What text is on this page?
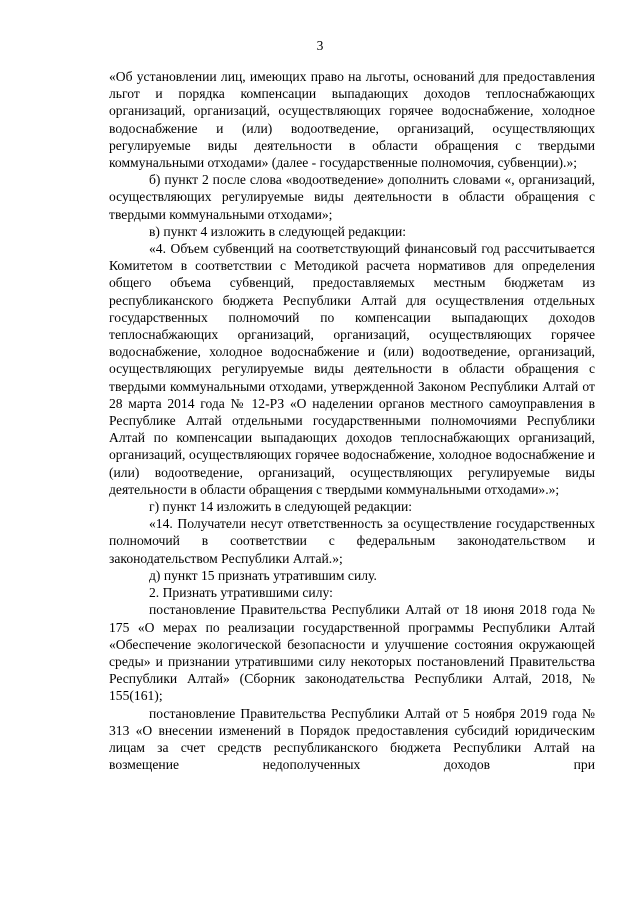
3

«Об установлении лиц, имеющих право на льготы, оснований для предоставления льгот и порядка компенсации выпадающих доходов теплоснабжающих организаций, организаций, осуществляющих горячее водоснабжение, холодное водоснабжение и (или) водоотведение, организаций, осуществляющих регулируемые виды деятельности в области обращения с твердыми коммунальными отходами» (далее - государственные полномочия, субвенции).»;

б) пункт 2 после слова «водоотведение» дополнить словами «, организаций, осуществляющих регулируемые виды деятельности в области обращения с твердыми коммунальными отходами»;

в) пункт 4 изложить в следующей редакции:

«4. Объем субвенций на соответствующий финансовый год рассчитывается Комитетом в соответствии с Методикой расчета нормативов для определения общего объема субвенций, предоставляемых местным бюджетам из республиканского бюджета Республики Алтай для осуществления отдельных государственных полномочий по компенсации выпадающих доходов теплоснабжающих организаций, организаций, осуществляющих горячее водоснабжение, холодное водоснабжение и (или) водоотведение, организаций, осуществляющих регулируемые виды деятельности в области обращения с твердыми коммунальными отходами, утвержденной Законом Республики Алтай от 28 марта 2014 года № 12-РЗ «О наделении органов местного самоуправления в Республике Алтай отдельными государственными полномочиями Республики Алтай по компенсации выпадающих доходов теплоснабжающих организаций, организаций, осуществляющих горячее водоснабжение, холодное водоснабжение и (или) водоотведение, организаций, осуществляющих регулируемые виды деятельности в области обращения с твердыми коммунальными отходами».»;

г) пункт 14 изложить в следующей редакции:

«14. Получатели несут ответственность за осуществление государственных полномочий в соответствии с федеральным законодательством и законодательством Республики Алтай.»;

д) пункт 15 признать утратившим силу.

2. Признать утратившими силу:

постановление Правительства Республики Алтай от 18 июня 2018 года № 175 «О мерах по реализации государственной программы Республики Алтай «Обеспечение экологической безопасности и улучшение состояния окружающей среды» и признании утратившими силу некоторых постановлений Правительства Республики Алтай» (Сборник законодательства Республики Алтай, 2018, № 155(161);

постановление Правительства Республики Алтай от 5 ноября 2019 года № 313 «О внесении изменений в Порядок предоставления субсидий юридическим лицам за счет средств республиканского бюджета Республики Алтай на возмещение недополученных доходов при
